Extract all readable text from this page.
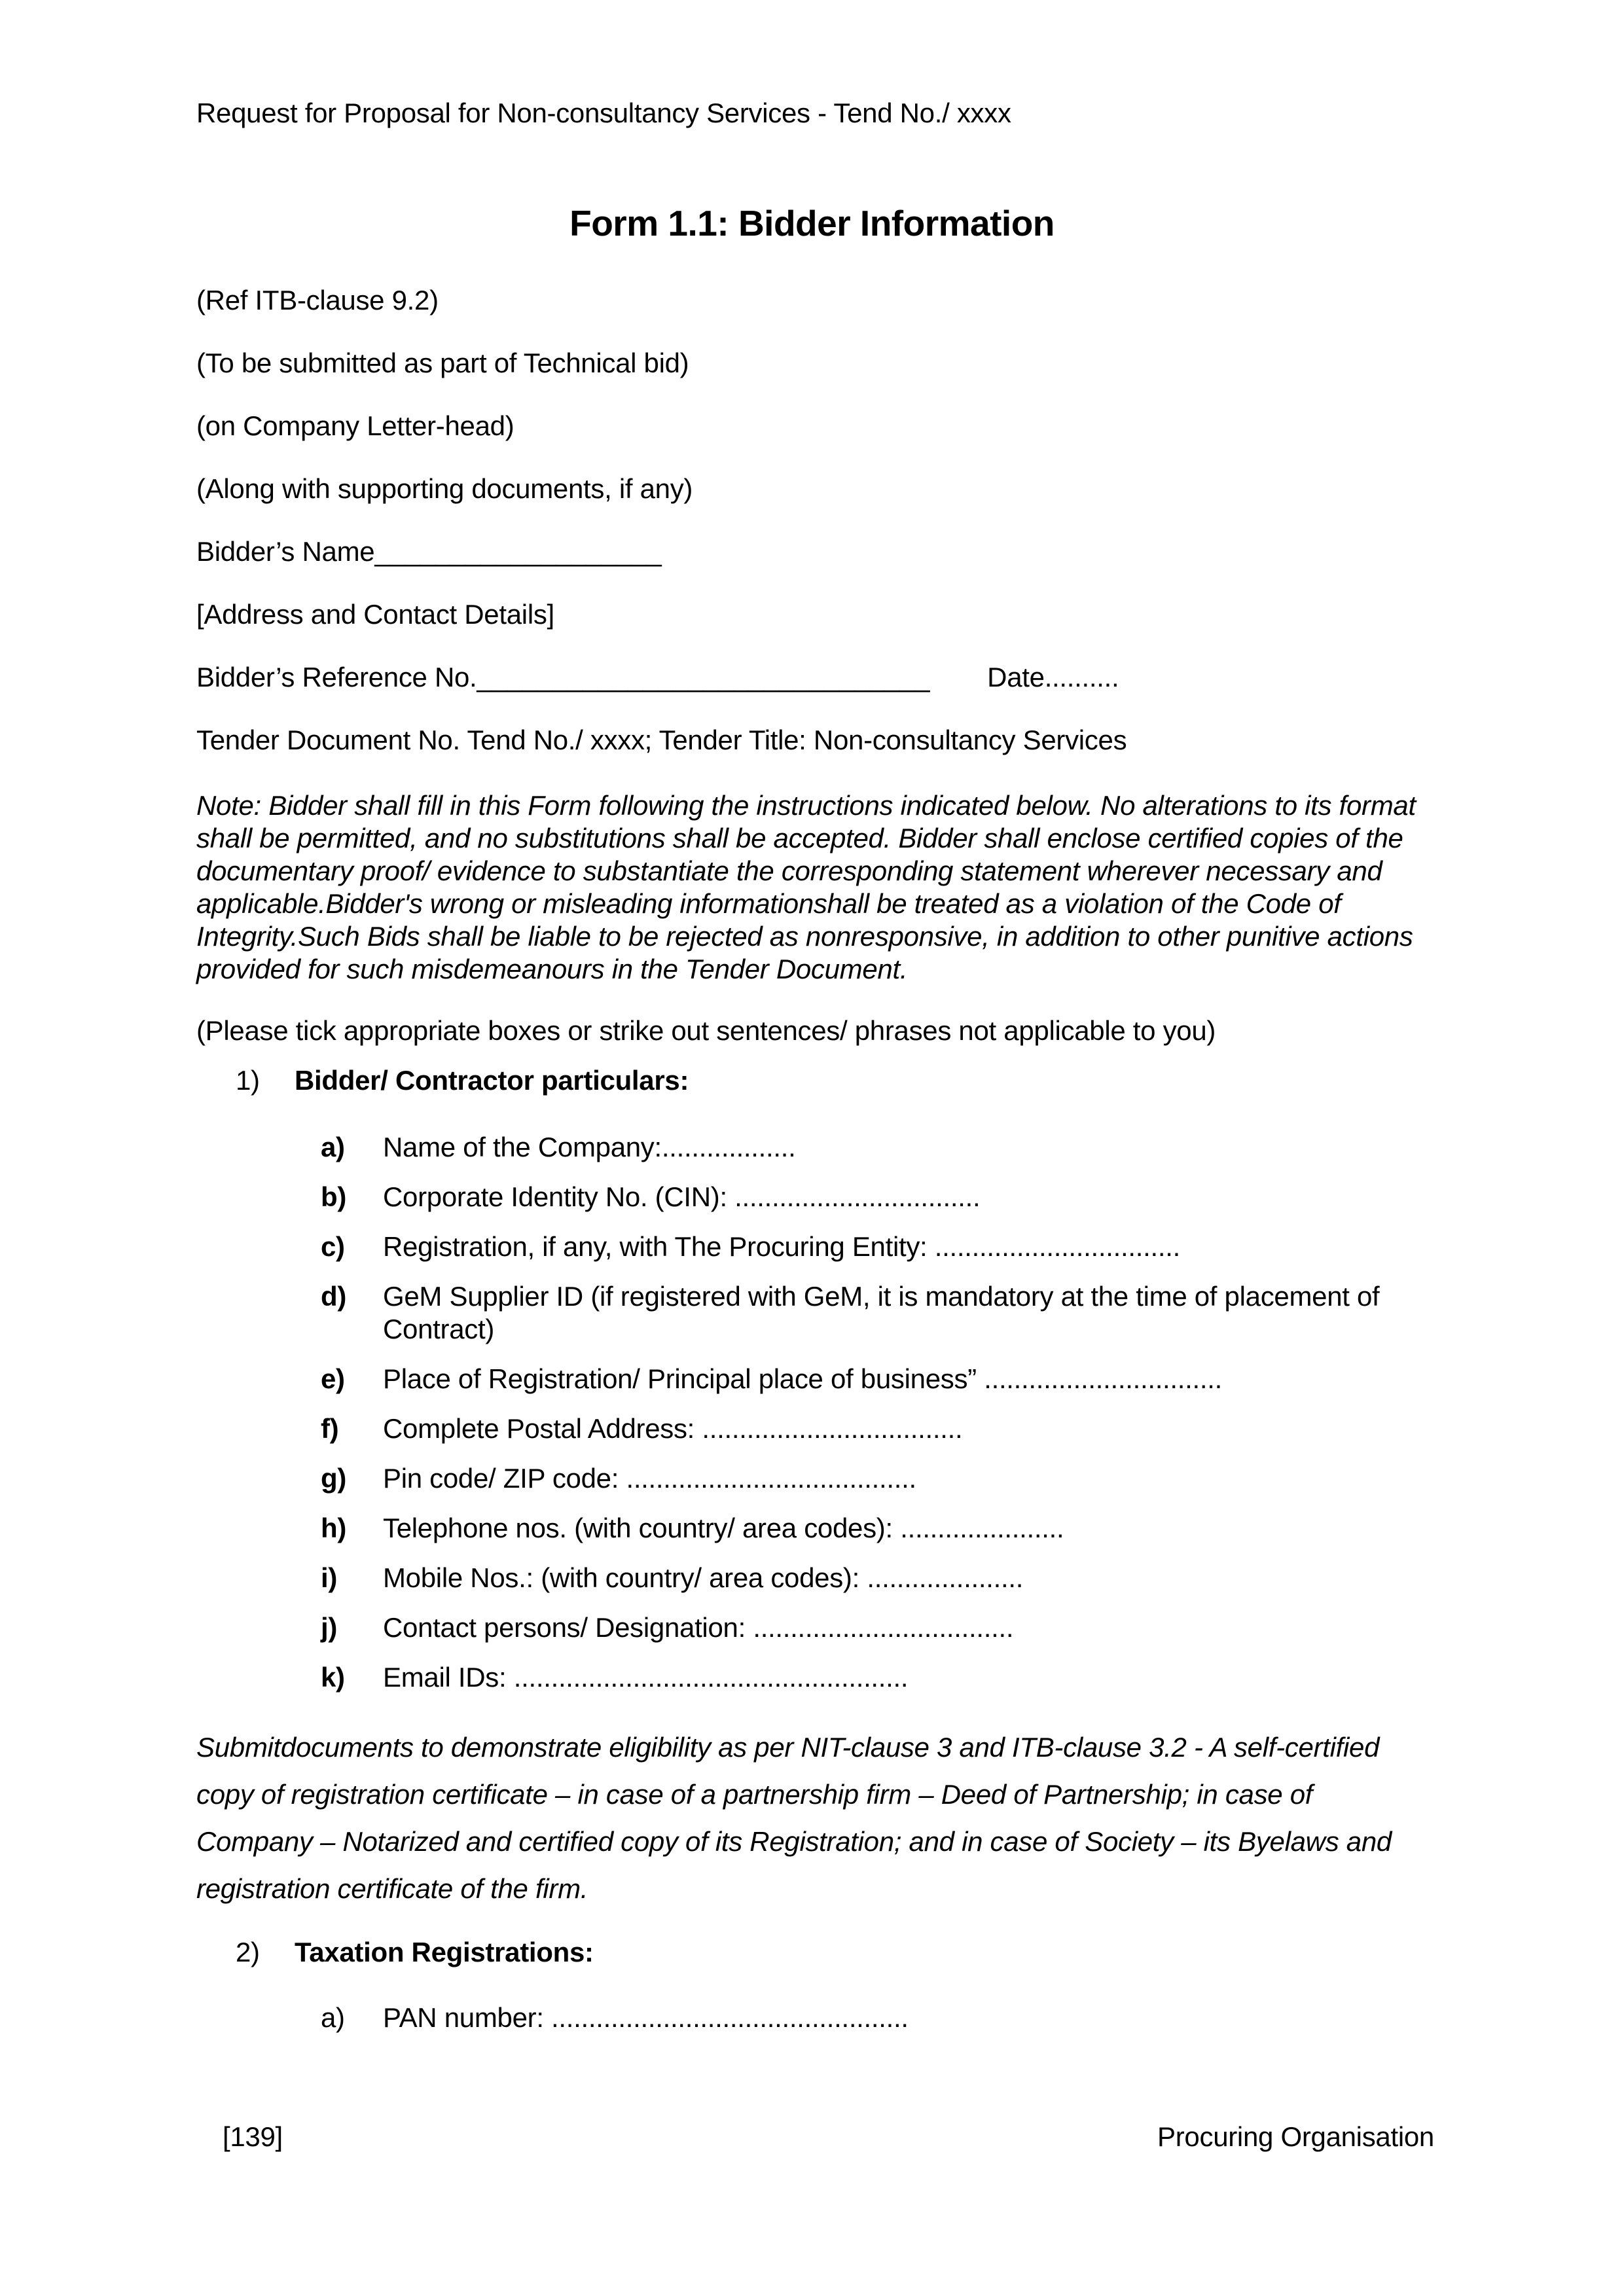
Request for Proposal for Non-consultancy Services - Tend No./ xxxx

Form 1.1: Bidder Information

(Ref ITB-clause 9.2)

(To be submitted as part of Technical bid)

(on Company Letter-head)

(Along with supporting documents, if any)

Bidder’s Name___________________

[Address and Contact Details]

Bidder’s Reference No.______________________________ Date..........

Tender Document No. Tend No./ xxxx; Tender Title: Non-consultancy Services

Note: Bidder shall fill in this Form following the instructions indicated below. No alterations to its format shall be permitted, and no substitutions shall be accepted. Bidder shall enclose certified copies of the documentary proof/ evidence to substantiate the corresponding statement wherever necessary and applicable.Bidder's wrong or misleading informationshall be treated as a violation of the Code of Integrity.Such Bids shall be liable to be rejected as nonresponsive, in addition to other punitive actions provided for such misdemeanours in the Tender Document.

(Please tick appropriate boxes or strike out sentences/ phrases not applicable to you)

1)	Bidder/ Contractor particulars:
a)	Name of the Company:..................
b)	Corporate Identity No. (CIN): .................................
c)	Registration, if any, with The Procuring Entity: .................................
d)	GeM Supplier ID (if registered with GeM, it is mandatory at the time of placement of Contract)
e)	Place of Registration/ Principal place of business” ................................
f)	Complete Postal Address: ...................................
g)	Pin code/ ZIP code: .......................................
h)	Telephone nos. (with country/ area codes): ......................
i)	Mobile Nos.: (with country/ area codes): .....................
j)	Contact persons/ Designation: ...................................
k)	Email IDs: .....................................................

Submitdocuments to demonstrate eligibility as per NIT-clause 3 and ITB-clause 3.2 - A self-certified copy of registration certificate – in case of a partnership firm – Deed of Partnership; in case of Company – Notarized and certified copy of its Registration; and in case of Society – its Byelaws and registration certificate of the firm.

2)	Taxation Registrations:
a)	PAN number: ................................................
[139]	Procuring Organisation
